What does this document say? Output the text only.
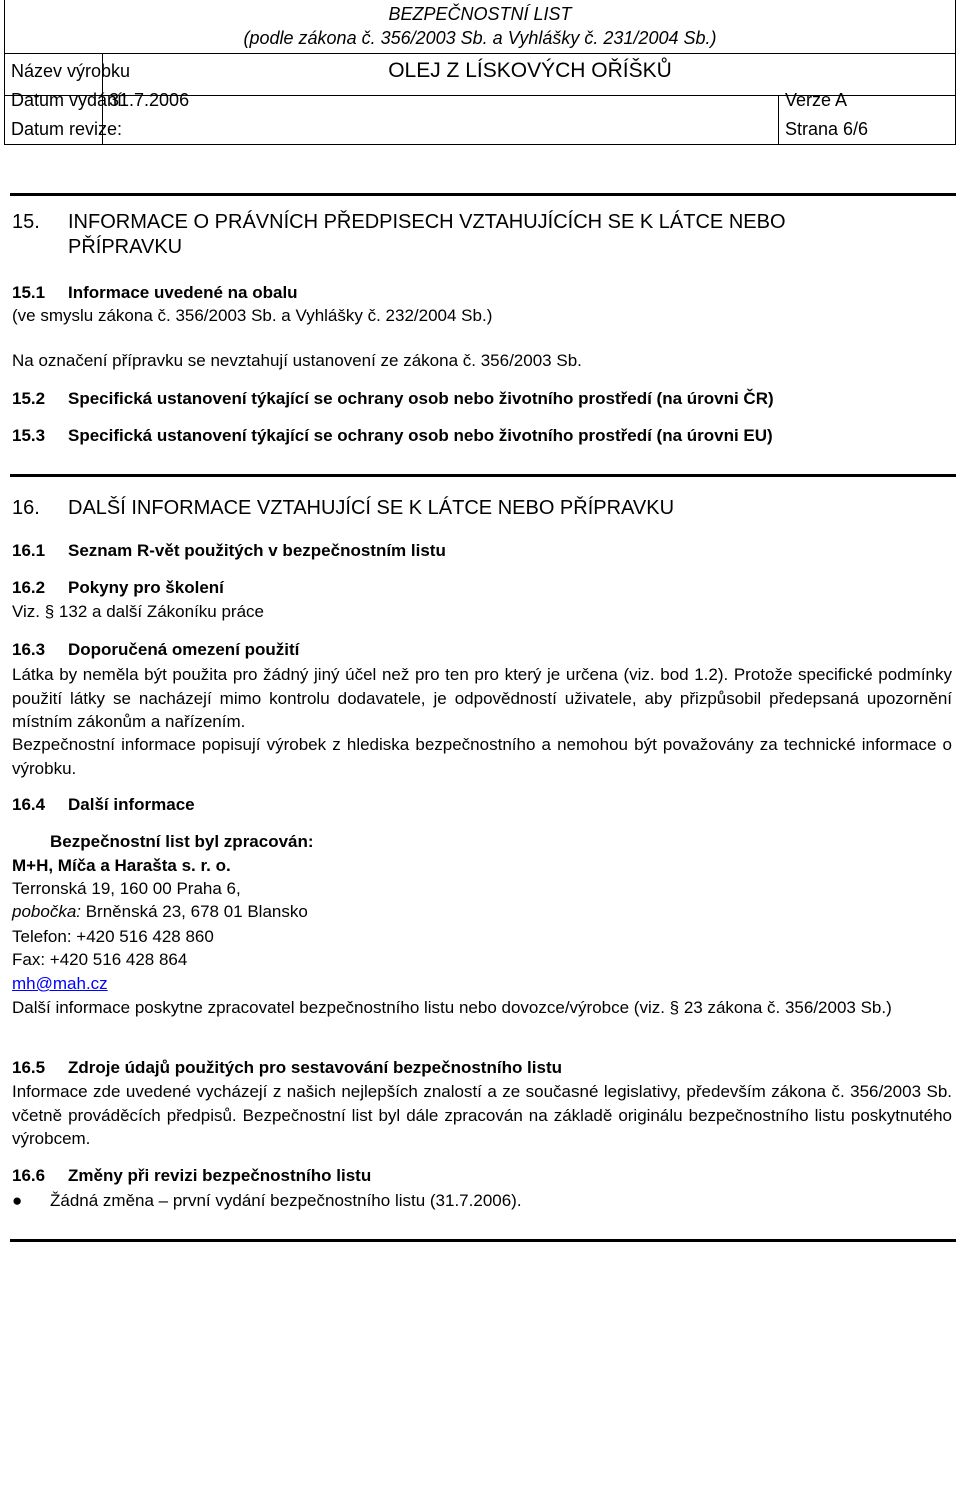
BEZPEČNOSTNÍ LIST
(podle zákona č. 356/2003 Sb. a Vyhlášky č. 231/2004 Sb.)
Název výrobku	OLEJ Z LÍSKOVÝCH OŘÍŠKŮ
Datum vydání:
Datum revize:
31.7.2006	Verze A
Strana 6/6
15. INFORMACE O PRÁVNÍCH PŘEDPISECH VZTAHUJÍCÍCH SE K LÁTCE NEBO
PŘÍPRAVKU
15.1 Informace uvedené na obalu
(ve smyslu zákona č. 356/2003 Sb. a Vyhlášky č. 232/2004 Sb.)
Na označení přípravku se nevztahují ustanovení ze zákona č. 356/2003 Sb.
15.2 Specifická ustanovení týkající se ochrany osob nebo životního prostředí (na úrovni ČR)
15.3 Specifická ustanovení týkající se ochrany osob nebo životního prostředí (na úrovni EU)
16. DALŠÍ INFORMACE VZTAHUJÍCÍ SE K LÁTCE NEBO PŘÍPRAVKU
16.1 Seznam R-vět použitých v bezpečnostním listu
16.2 Pokyny pro školení
Viz. § 132 a další Zákoníku práce
16.3 Doporučená omezení použití
Látka by neměla být použita pro žádný jiný účel než pro ten pro který je určena (viz. bod 1.2). Protože specifické podmínky použití látky se nacházejí mimo kontrolu dodavatele, je odpovědností uživatele, aby přizpůsobil předepsaná upozornění místním zákonům a nařízením.
Bezpečnostní informace popisují výrobek z hlediska bezpečnostního a nemohou být považovány za technické informace o výrobku.
16.4 Další informace
Bezpečnostní list byl zpracován:
M+H, Míča a Harašta s. r. o.
Terronská 19, 160 00 Praha 6,
pobočka: Brněnská 23, 678 01 Blansko
Telefon: +420 516 428 860
Fax: +420 516 428 864
mh@mah.cz
Další informace poskytne zpracovatel bezpečnostního listu nebo dovozce/výrobce (viz. § 23 zákona č. 356/2003 Sb.)
16.5 Zdroje údajů použitých pro sestavování bezpečnostního listu
Informace zde uvedené vycházejí z našich nejlepších znalostí a ze současné legislativy, především zákona č. 356/2003 Sb. včetně prováděcích předpisů. Bezpečnostní list byl dále zpracován na základě originálu bezpečnostního listu poskytnutého výrobcem.
16.6 Změny při revizi bezpečnostního listu
● Žádná změna – první vydání bezpečnostního listu (31.7.2006).
